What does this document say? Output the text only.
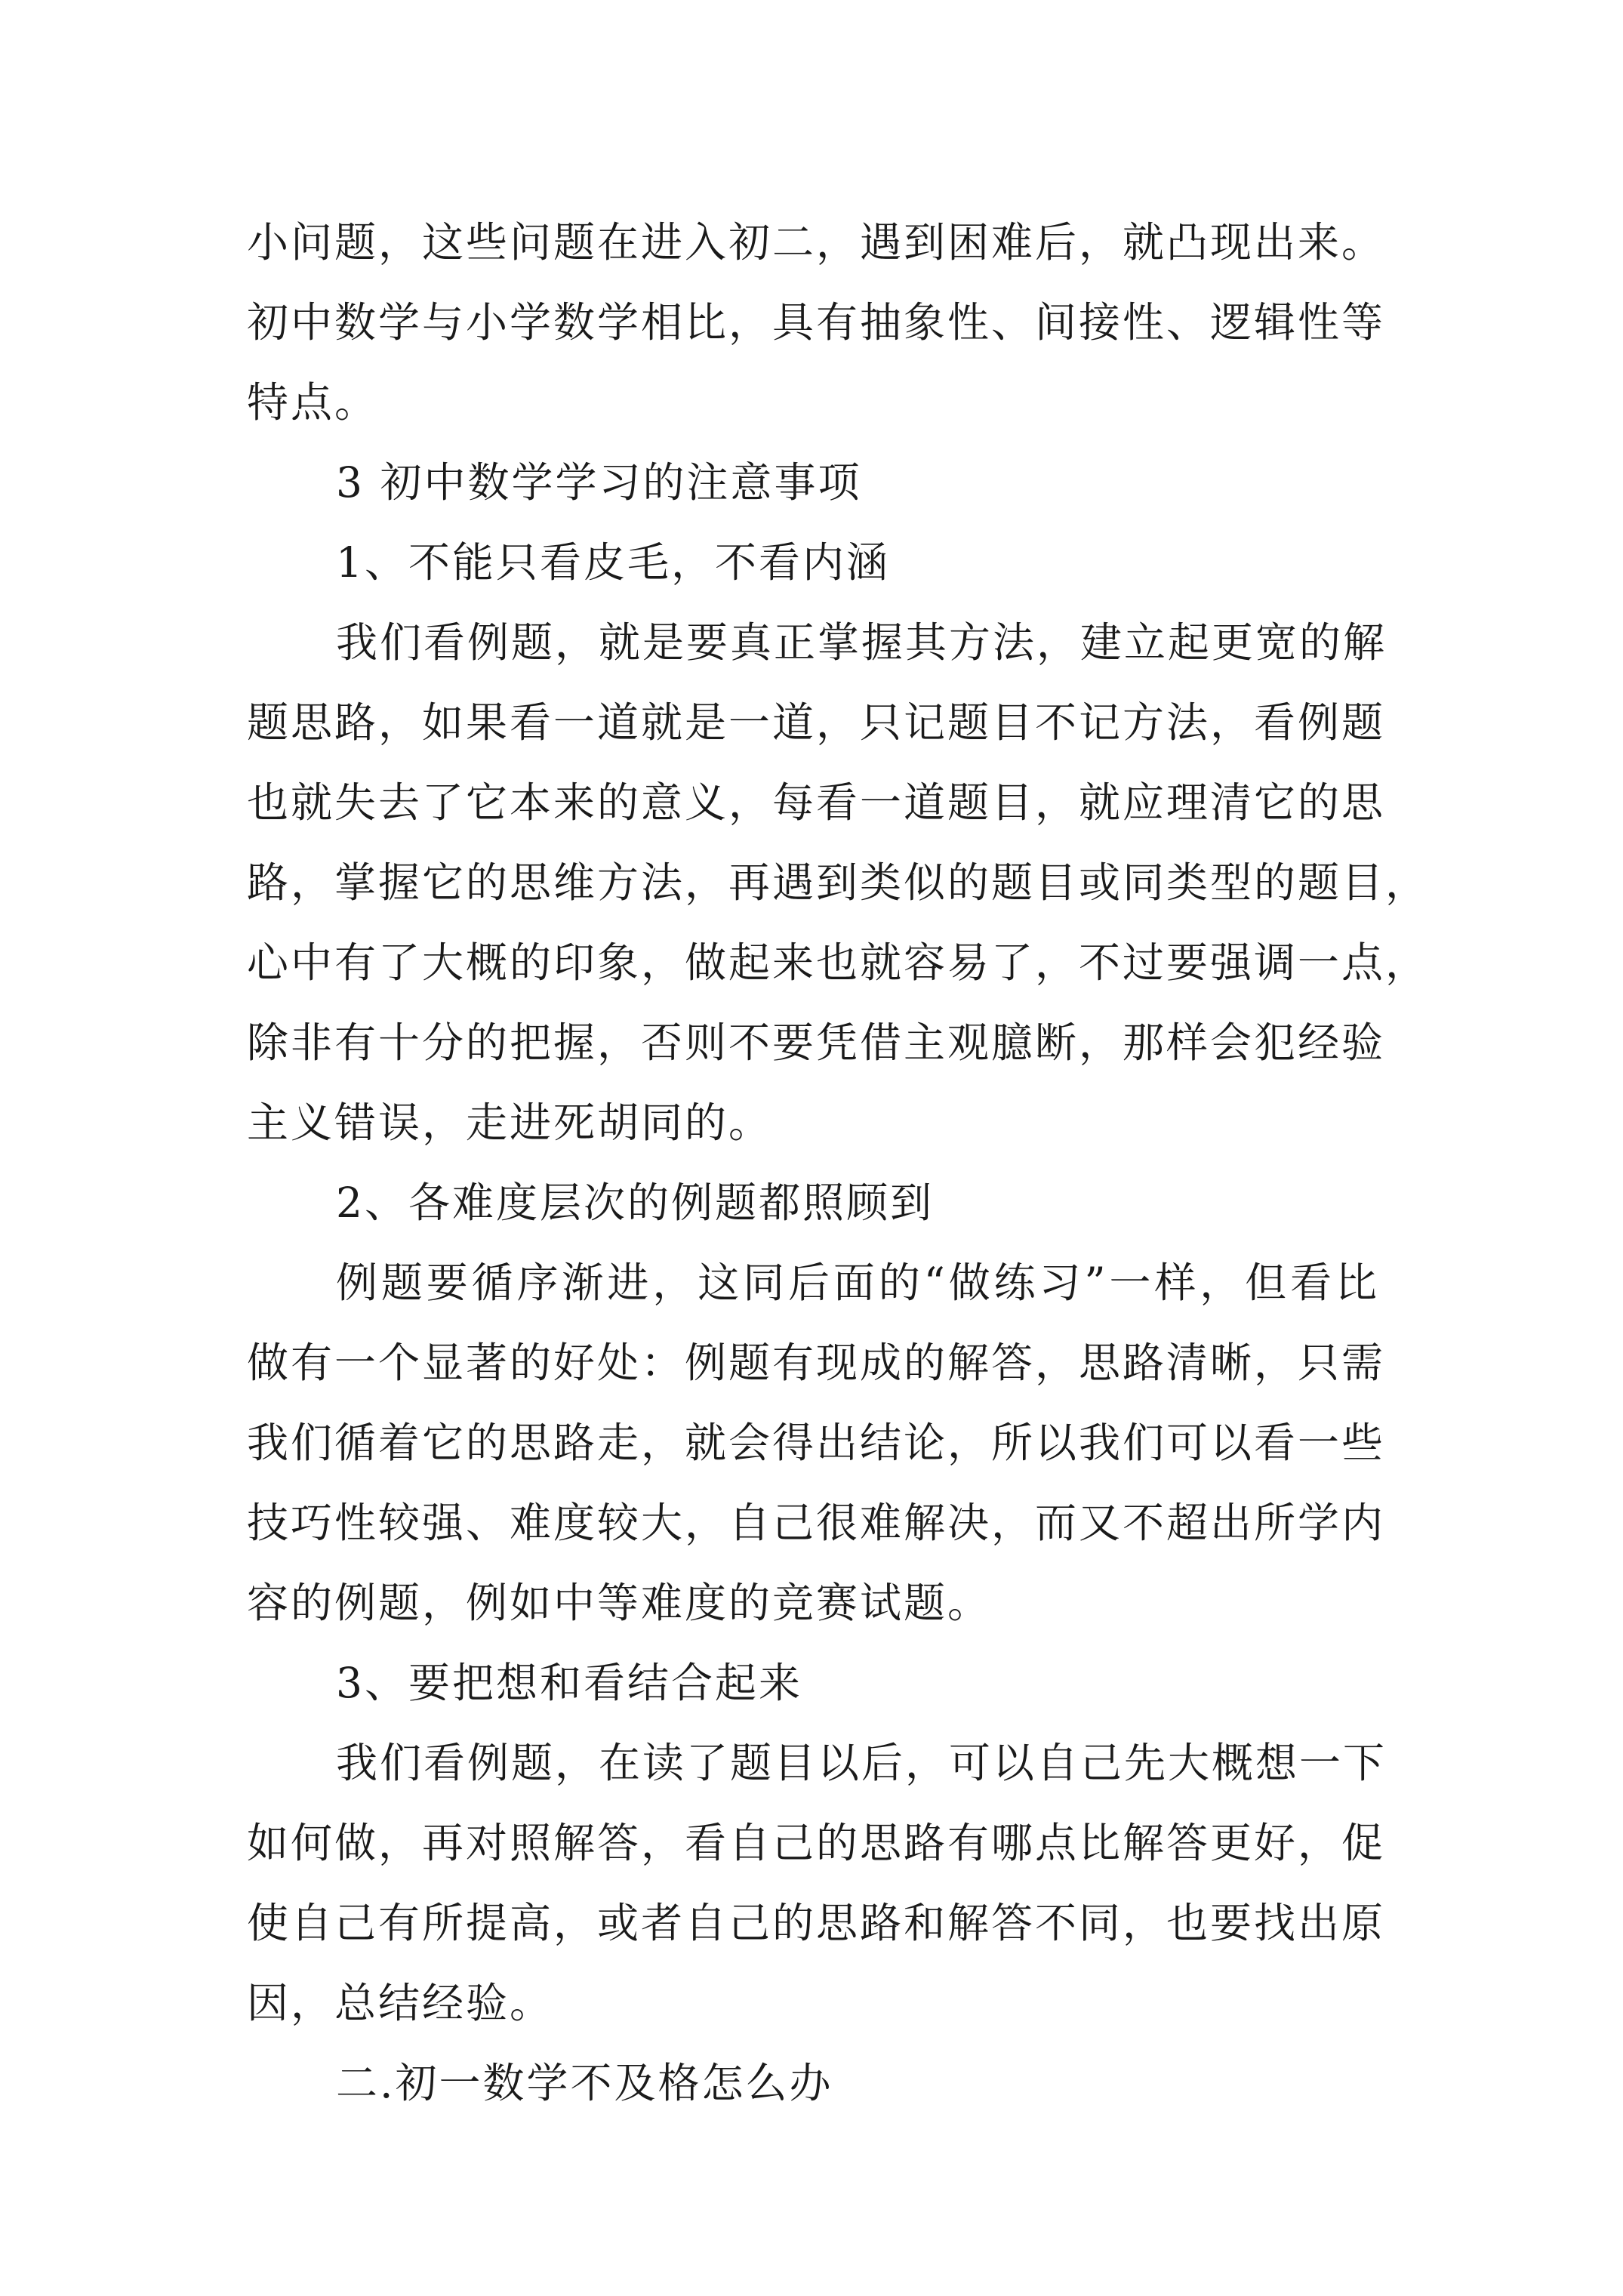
小问题，这些问题在进入初二，遇到困难后，就凸现出来。
初中数学与小学数学相比，具有抽象性、间接性、逻辑性等
特点。
3 初中数学学习的注意事项
1、不能只看皮毛，不看内涵
我们看例题，就是要真正掌握其方法，建立起更宽的解
题思路，如果看一道就是一道，只记题目不记方法，看例题
也就失去了它本来的意义，每看一道题目，就应理清它的思
路，掌握它的思维方法，再遇到类似的题目或同类型的题目，
心中有了大概的印象，做起来也就容易了，不过要强调一点，
除非有十分的把握，否则不要凭借主观臆断，那样会犯经验
主义错误，走进死胡同的。
2、各难度层次的例题都照顾到
例题要循序渐进，这同后面的“做练习”一样，但看比
做有一个显著的好处：例题有现成的解答，思路清晰，只需
我们循着它的思路走，就会得出结论，所以我们可以看一些
技巧性较强、难度较大，自己很难解决，而又不超出所学内
容的例题，例如中等难度的竞赛试题。
3、要把想和看结合起来
我们看例题，在读了题目以后，可以自己先大概想一下
如何做，再对照解答，看自己的思路有哪点比解答更好，促
使自己有所提高，或者自己的思路和解答不同，也要找出原
因，总结经验。
二.初一数学不及格怎么办
